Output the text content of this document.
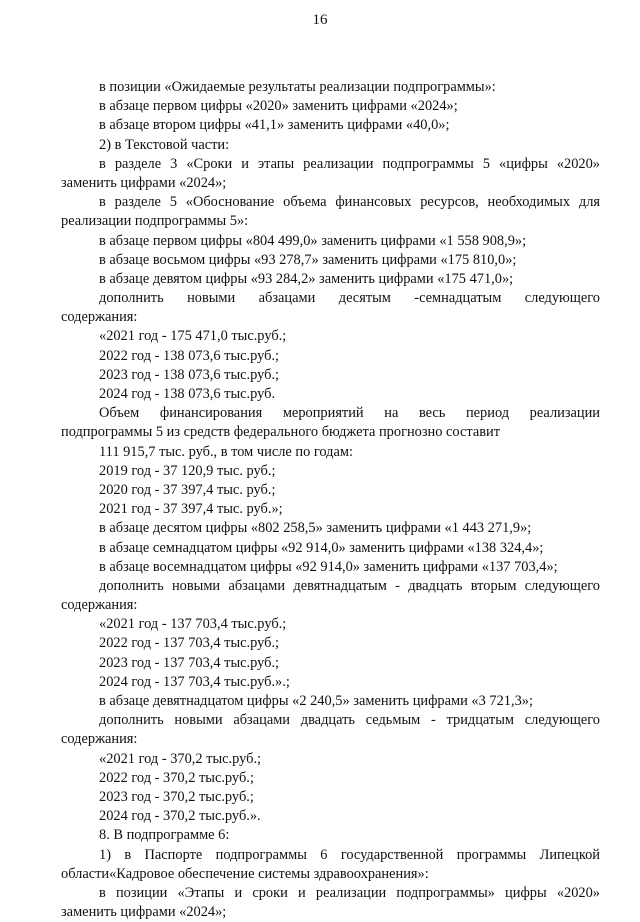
16
в позиции «Ожидаемые результаты реализации подпрограммы»:
в абзаце первом цифры «2020» заменить цифрами «2024»;
в абзаце втором цифры «41,1» заменить цифрами «40,0»;
2) в Текстовой части:
в разделе 3 «Сроки и этапы реализации подпрограммы 5 «цифры «2020»
заменить цифрами «2024»;
в разделе 5 «Обоснование объема финансовых ресурсов, необходимых для
реализации подпрограммы 5»:
в абзаце первом цифры «804 499,0» заменить цифрами «1 558 908,9»;
в абзаце восьмом цифры «93 278,7» заменить цифрами «175 810,0»;
в абзаце девятом цифры «93 284,2» заменить цифрами «175 471,0»;
дополнить новыми абзацами десятым -семнадцатым следующего
содержания:
«2021 год - 175 471,0 тыс.руб.;
2022 год - 138 073,6 тыс.руб.;
2023 год - 138 073,6 тыс.руб.;
2024 год - 138 073,6 тыс.руб.
Объем финансирования мероприятий на весь период реализации
подпрограммы 5 из средств федерального бюджета прогнозно составит
111 915,7 тыс. руб., в том числе по годам:
2019 год - 37 120,9 тыс. руб.;
2020 год - 37 397,4 тыс. руб.;
2021 год - 37 397,4 тыс. руб.»;
в абзаце десятом цифры «802 258,5» заменить цифрами «1 443 271,9»;
в абзаце семнадцатом цифры «92 914,0» заменить цифрами «138 324,4»;
в абзаце восемнадцатом цифры «92 914,0» заменить цифрами «137 703,4»;
дополнить новыми абзацами девятнадцатым - двадцать вторым следующего
содержания:
«2021 год - 137 703,4 тыс.руб.;
2022 год - 137 703,4 тыс.руб.;
2023 год - 137 703,4 тыс.руб.;
2024 год - 137 703,4 тыс.руб.».;
в абзаце девятнадцатом цифры «2 240,5» заменить цифрами «3 721,3»;
дополнить новыми абзацами двадцать седьмым - тридцатым следующего
содержания:
«2021 год - 370,2 тыс.руб.;
2022 год - 370,2 тыс.руб.;
2023 год - 370,2 тыс.руб.;
2024 год - 370,2 тыс.руб.».
8. В подпрограмме 6:
1) в Паспорте подпрограммы 6 государственной программы Липецкой
области«Кадровое обеспечение системы здравоохранения»:
в позиции «Этапы и сроки и реализации подпрограммы» цифры «2020»
заменить цифрами «2024»;
